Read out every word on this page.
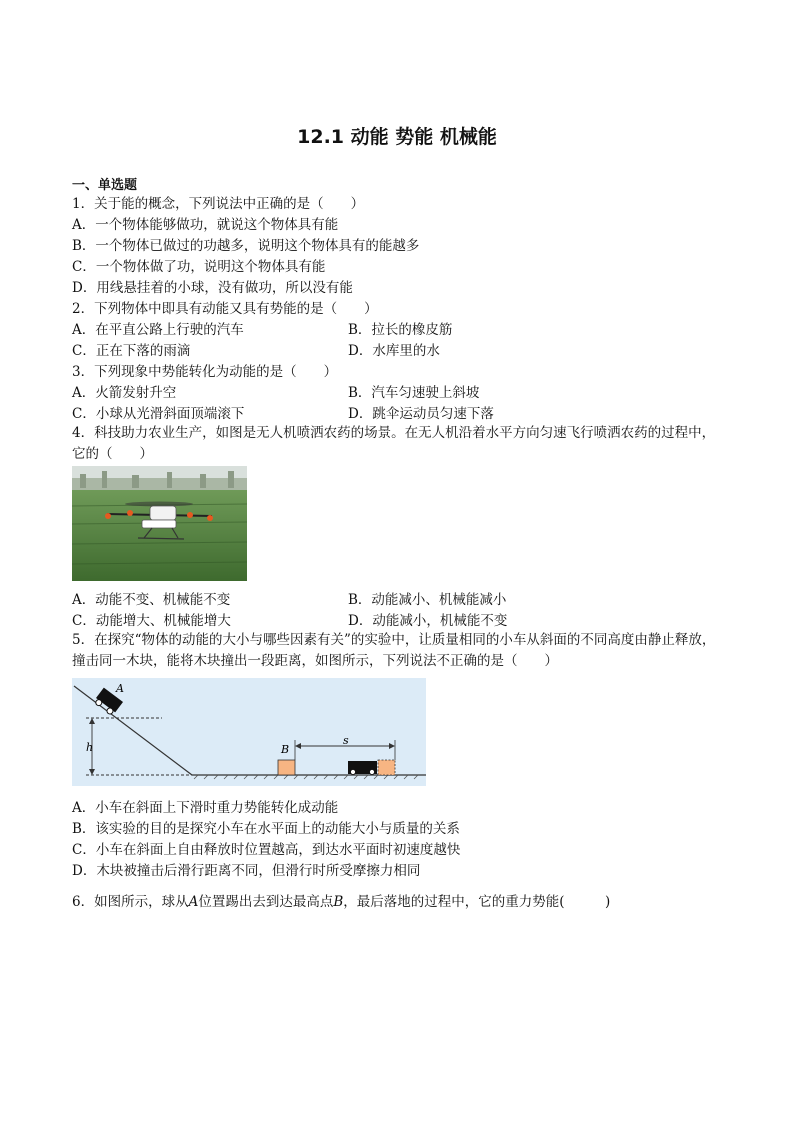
12.1 动能 势能 机械能
一、单选题
1．关于能的概念，下列说法中正确的是（　　）
A．一个物体能够做功，就说这个物体具有能
B．一个物体已做过的功越多，说明这个物体具有的能越多
C．一个物体做了功，说明这个物体具有能
D．用线悬挂着的小球，没有做功，所以没有能
2．下列物体中即具有动能又具有势能的是（　　）
A．在平直公路上行驶的汽车	B．拉长的橡皮筋
C．正在下落的雨滴	D．水库里的水
3．下列现象中势能转化为动能的是（　　）
A．火箭发射升空	B．汽车匀速驶上斜坡
C．小球从光滑斜面顶端滚下	D．跳伞运动员匀速下落
4．科技助力农业生产，如图是无人机喷洒农药的场景。在无人机沿着水平方向匀速飞行喷洒农药的过程中，它的（　　）
A．动能不变、机械能不变	B．动能减小、机械能减小
C．动能增大、机械能增大	D．动能减小，机械能不变
5．在探究“物体的动能的大小与哪些因素有关”的实验中，让质量相同的小车从斜面的不同高度由静止释放，撞击同一木块，能将木块撞出一段距离，如图所示，下列说法不正确的是（　　）
h
A
B
s
A．小车在斜面上下滑时重力势能转化成动能
B．该实验的目的是探究小车在水平面上的动能大小与质量的关系
C．小车在斜面上自由释放时位置越高，到达水平面时初速度越快
D．木块被撞击后滑行距离不同，但滑行时所受摩擦力相同
6．如图所示，球从A位置踢出去到达最高点B，最后落地的过程中，它的重力势能(　　　)
